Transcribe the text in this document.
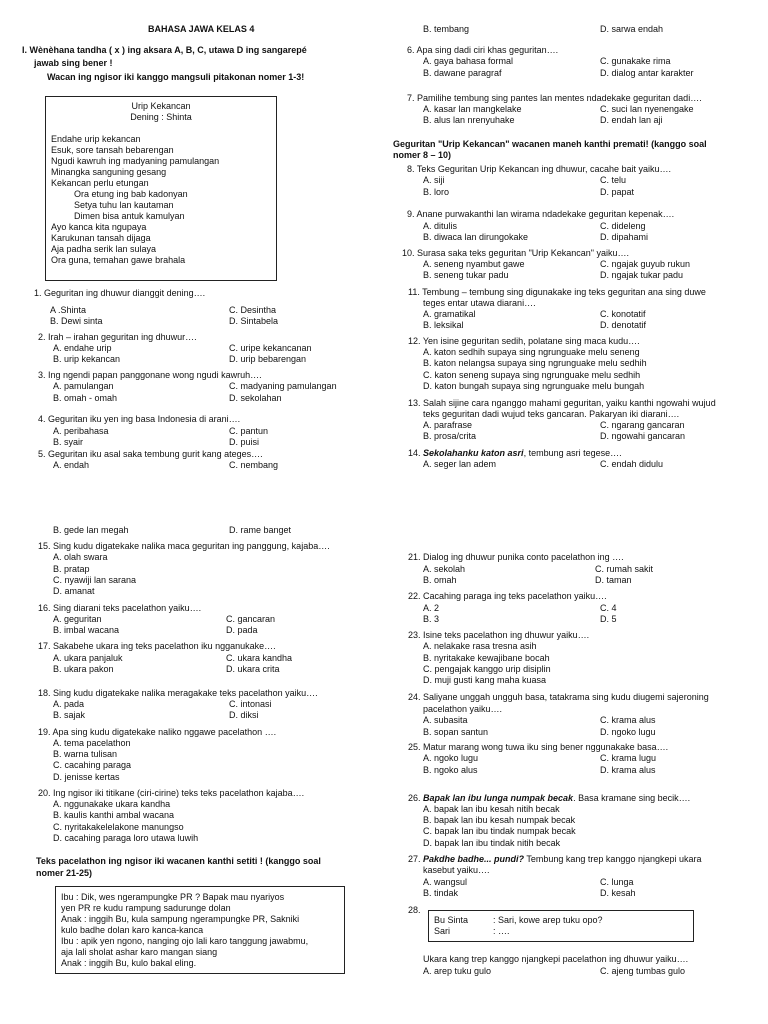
BAHASA JAWA KELAS 4
I. Wènèhana tandha ( x ) ing aksara A, B, C, utawa D ing sangarepé
jawab sing bener !
Wacan ing ngisor iki kanggo mangsuli pitakonan nomer 1-3!
Urip Kekancan
Dening : Shinta
Endahe urip kekancan
Esuk, sore tansah bebarengan
Ngudi kawruh ing madyaning pamulangan
Minangka sanguning gesang
Kekancan perlu etungan
Ora etung ing bab kadonyan
Setya tuhu lan kautaman
Dimen bisa antuk kamulyan
Ayo kanca kita ngupaya
Karukunan tansah dijaga
Aja padha serik lan sulaya
Ora guna, temahan gawe brahala
1. Geguritan ing dhuwur dianggit dening….
A .Shinta
B. Dewi sinta
C. Desintha
D. Sintabela
2. Irah – irahan geguritan ing dhuwur….
A. endahe urip
B. urip kekancan
C. uripe kekancanan
D. urip bebarengan
3. Ing ngendi papan panggonane wong ngudi kawruh….
A. pamulangan
B. omah - omah
C. madyaning pamulangan
D. sekolahan
4. Geguritan iku yen ing basa Indonesia di arani….
A. peribahasa
B. syair
C. pantun
D. puisi
5. Geguritan iku asal saka tembung gurit kang ateges….
A. endah	C. nembang
B. tembang	D. sarwa endah
6. Apa sing dadi ciri khas geguritan….
A. gaya bahasa formal
B. dawane paragraf
C. gunakake rima
D. dialog antar karakter
7. Pamilihe tembung sing pantes lan mentes ndadekake geguritan dadi….
A. kasar lan mangkelake
B. alus lan nrenyuhake
C. suci lan nyenengake
D. endah lan aji
Geguritan "Urip Kekancan" wacanen maneh kanthi premati! (kanggo soal
nomer 8 – 10)
8. Teks Geguritan Urip Kekancan ing dhuwur, cacahe bait yaiku….
A. siji
B. loro
C. telu
D. papat
9. Anane purwakanthi lan wirama ndadekake geguritan kepenak….
A. ditulis
B. diwaca lan dirungokake
C. dideleng
D. dipahami
10. Surasa saka teks geguritan "Urip Kekancan" yaiku….
A. seneng nyambut gawe
B. seneng tukar padu
C. ngajak guyub rukun
D. ngajak tukar padu
11. Tembung – tembung sing digunakake ing teks geguritan ana sing duwe
teges entar utawa diarani….
A. gramatikal
B. leksikal
C. konotatif
D. denotatif
12. Yen isine geguritan sedih, polatane sing maca kudu….
A. katon sedhih supaya sing ngrunguake melu seneng
B. katon nelangsa supaya sing ngrunguake melu sedhih
C. katon seneng supaya sing ngrunguake melu sedhih
D. katon bungah supaya sing ngrunguake melu bungah
13. Salah sijine cara nganggo mahami geguritan, yaiku kanthi ngowahi wujud
teks geguritan dadi wujud teks gancaran. Pakaryan iki diarani….
A. parafrase
B. prosa/crita
C. ngarang gancaran
D. ngowahi gancaran
14. Sekolahanku katon asri, tembung asri tegese….
A. seger lan adem	C. endah didulu
B. gede lan megah	D. rame banget
15. Sing kudu digatekake nalika maca geguritan ing panggung, kajaba….
A. olah swara
B. pratap
C. nyawiji lan sarana
D. amanat
16. Sing diarani teks pacelathon yaiku….
A. geguritan
B. imbal wacana
C. gancaran
D. pada
17. Sakabehe ukara ing teks pacelathon iku ngganukake….
A. ukara panjaluk
B. ukara pakon
C. ukara kandha
D. ukara crita
18. Sing kudu digatekake nalika meragakake teks pacelathon yaiku….
A. pada
B. sajak
C. intonasi
D. diksi
19. Apa sing kudu digatekake naliko nggawe pacelathon ….
A. tema pacelathon
B. warna tulisan
C. cacahing paraga
D. jenisse kertas
20. Ing ngisor iki titikane (ciri-cirine) teks teks pacelathon kajaba….
A. nggunakake ukara kandha
B. kaulis kanthi ambal wacana
C. nyritakakelelakone manungso
D. cacahing paraga loro utawa luwih
Teks pacelathon ing ngisor iki wacanen kanthi setiti ! (kanggo soal
nomer 21-25)
Ibu : Dik, wes ngerampungke PR ? Bapak mau nyariyos
yen PR re kudu rampung sadurunge dolan
Anak : inggih Bu, kula sampung ngerampungke PR, Sakniki
kulo badhe dolan karo kanca-kanca
Ibu : apik yen ngono, nanging ojo lali karo tanggung jawabmu,
aja lali sholat ashar karo mangan siang
Anak : inggih Bu, kulo bakal eling.
21. Dialog ing dhuwur punika conto pacelathon ing ….
A. sekolah
B. omah
C. rumah sakit
D. taman
22. Cacahing paraga ing teks pacelathon yaiku….
A. 2
B. 3
C. 4
D. 5
23. Isine teks pacelathon ing dhuwur yaiku….
A. nelakake rasa tresna asih
B. nyritakake kewajibane bocah
C. pengajak kanggo urip disiplin
D. muji gusti kang maha kuasa
24. Saliyane unggah ungguh basa, tatakrama sing kudu diugemi sajeroning
pacelathon yaiku….
A. subasita
B. sopan santun
C. krama alus
D. ngoko lugu
25. Matur marang wong tuwa iku sing bener nggunakake basa….
A. ngoko lugu
B. ngoko alus
C. krama lugu
D. krama alus
26. Bapak lan ibu lunga numpak becak. Basa kramane sing becik….
A. bapak lan ibu kesah nitih becak
B. bapak lan ibu kesah numpak becak
C. bapak lan ibu tindak numpak becak
D. bapak lan ibu tindak nitih becak
27. Pakdhe badhe... pundi? Tembung kang trep kanggo njangkepi ukara
kasebut yaiku….
A. wangsul
B. tindak
C. lunga
D. kesah
28.
Bu Sinta	: Sari, kowe arep tuku opo?
Sari	: ….
Ukara kang trep kanggo njangkepi pacelathon ing dhuwur yaiku….
A. arep tuku gulo	C. ajeng tumbas gulo
